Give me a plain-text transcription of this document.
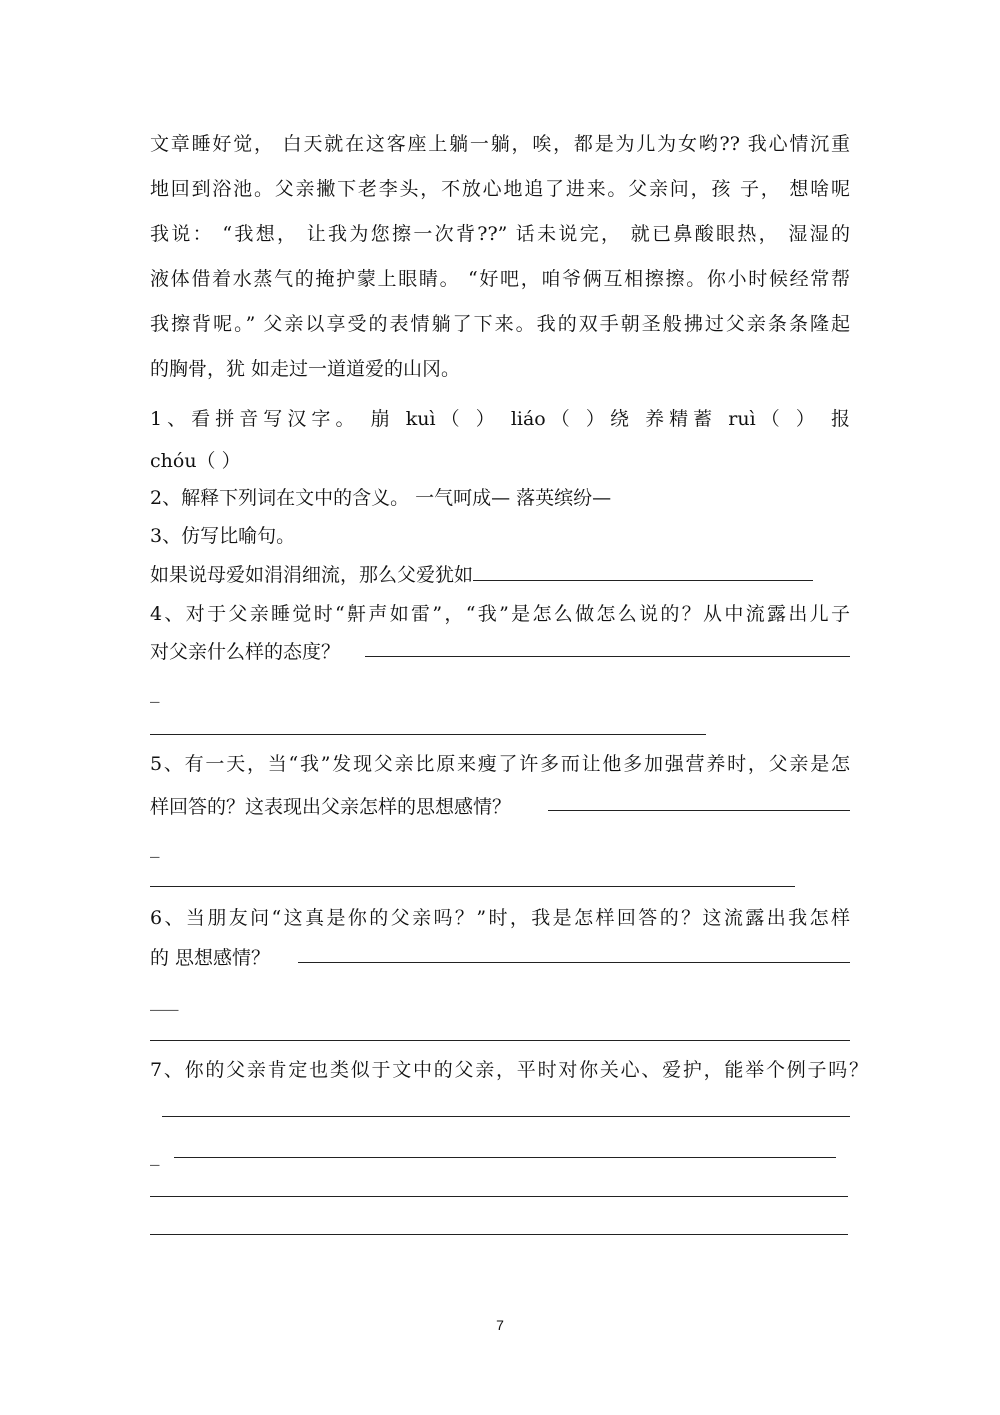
文章睡好觉， 白天就在这客座上躺一躺，唉，都是为儿为女哟?? 我心情沉重
地回到浴池。父亲撇下老李头，不放心地追了进来。父亲问，孩 子， 想啥呢
我说： “我想， 让我为您擦一次背??” 话未说完， 就已鼻酸眼热， 湿湿的
液体借着水蒸气的掩护蒙上眼睛。 “好吧，咱爷俩互相擦擦。你小时候经常帮
我擦背呢。” 父亲以享受的表情躺了下来。我的双手朝圣般拂过父亲条条隆起
的胸骨，犹 如走过一道道爱的山冈。
1、看拼音写汉字。 崩 kuì（ ） liáo（ ）绕 养精蓄 ruì（ ） 报
chóu（ ）
2、解释下列词在文中的含义。 一气呵成— 落英缤纷—
3、仿写比喻句。
如果说母爱如涓涓细流，那么父爱犹如
4、对于父亲睡觉时“鼾声如雷”，“我”是怎么做怎么说的？从中流露出儿子
对父亲什么样的态度？
_
5、有一天，当“我”发现父亲比原来瘦了许多而让他多加强营养时，父亲是怎
样回答的？这表现出父亲怎样的思想感情？
_
6、当朋友问“这真是你的父亲吗？”时，我是怎样回答的？这流露出我怎样
的 思想感情？
___
7、你的父亲肯定也类似于文中的父亲，平时对你关心、爱护，能举个例子吗？
_
7
